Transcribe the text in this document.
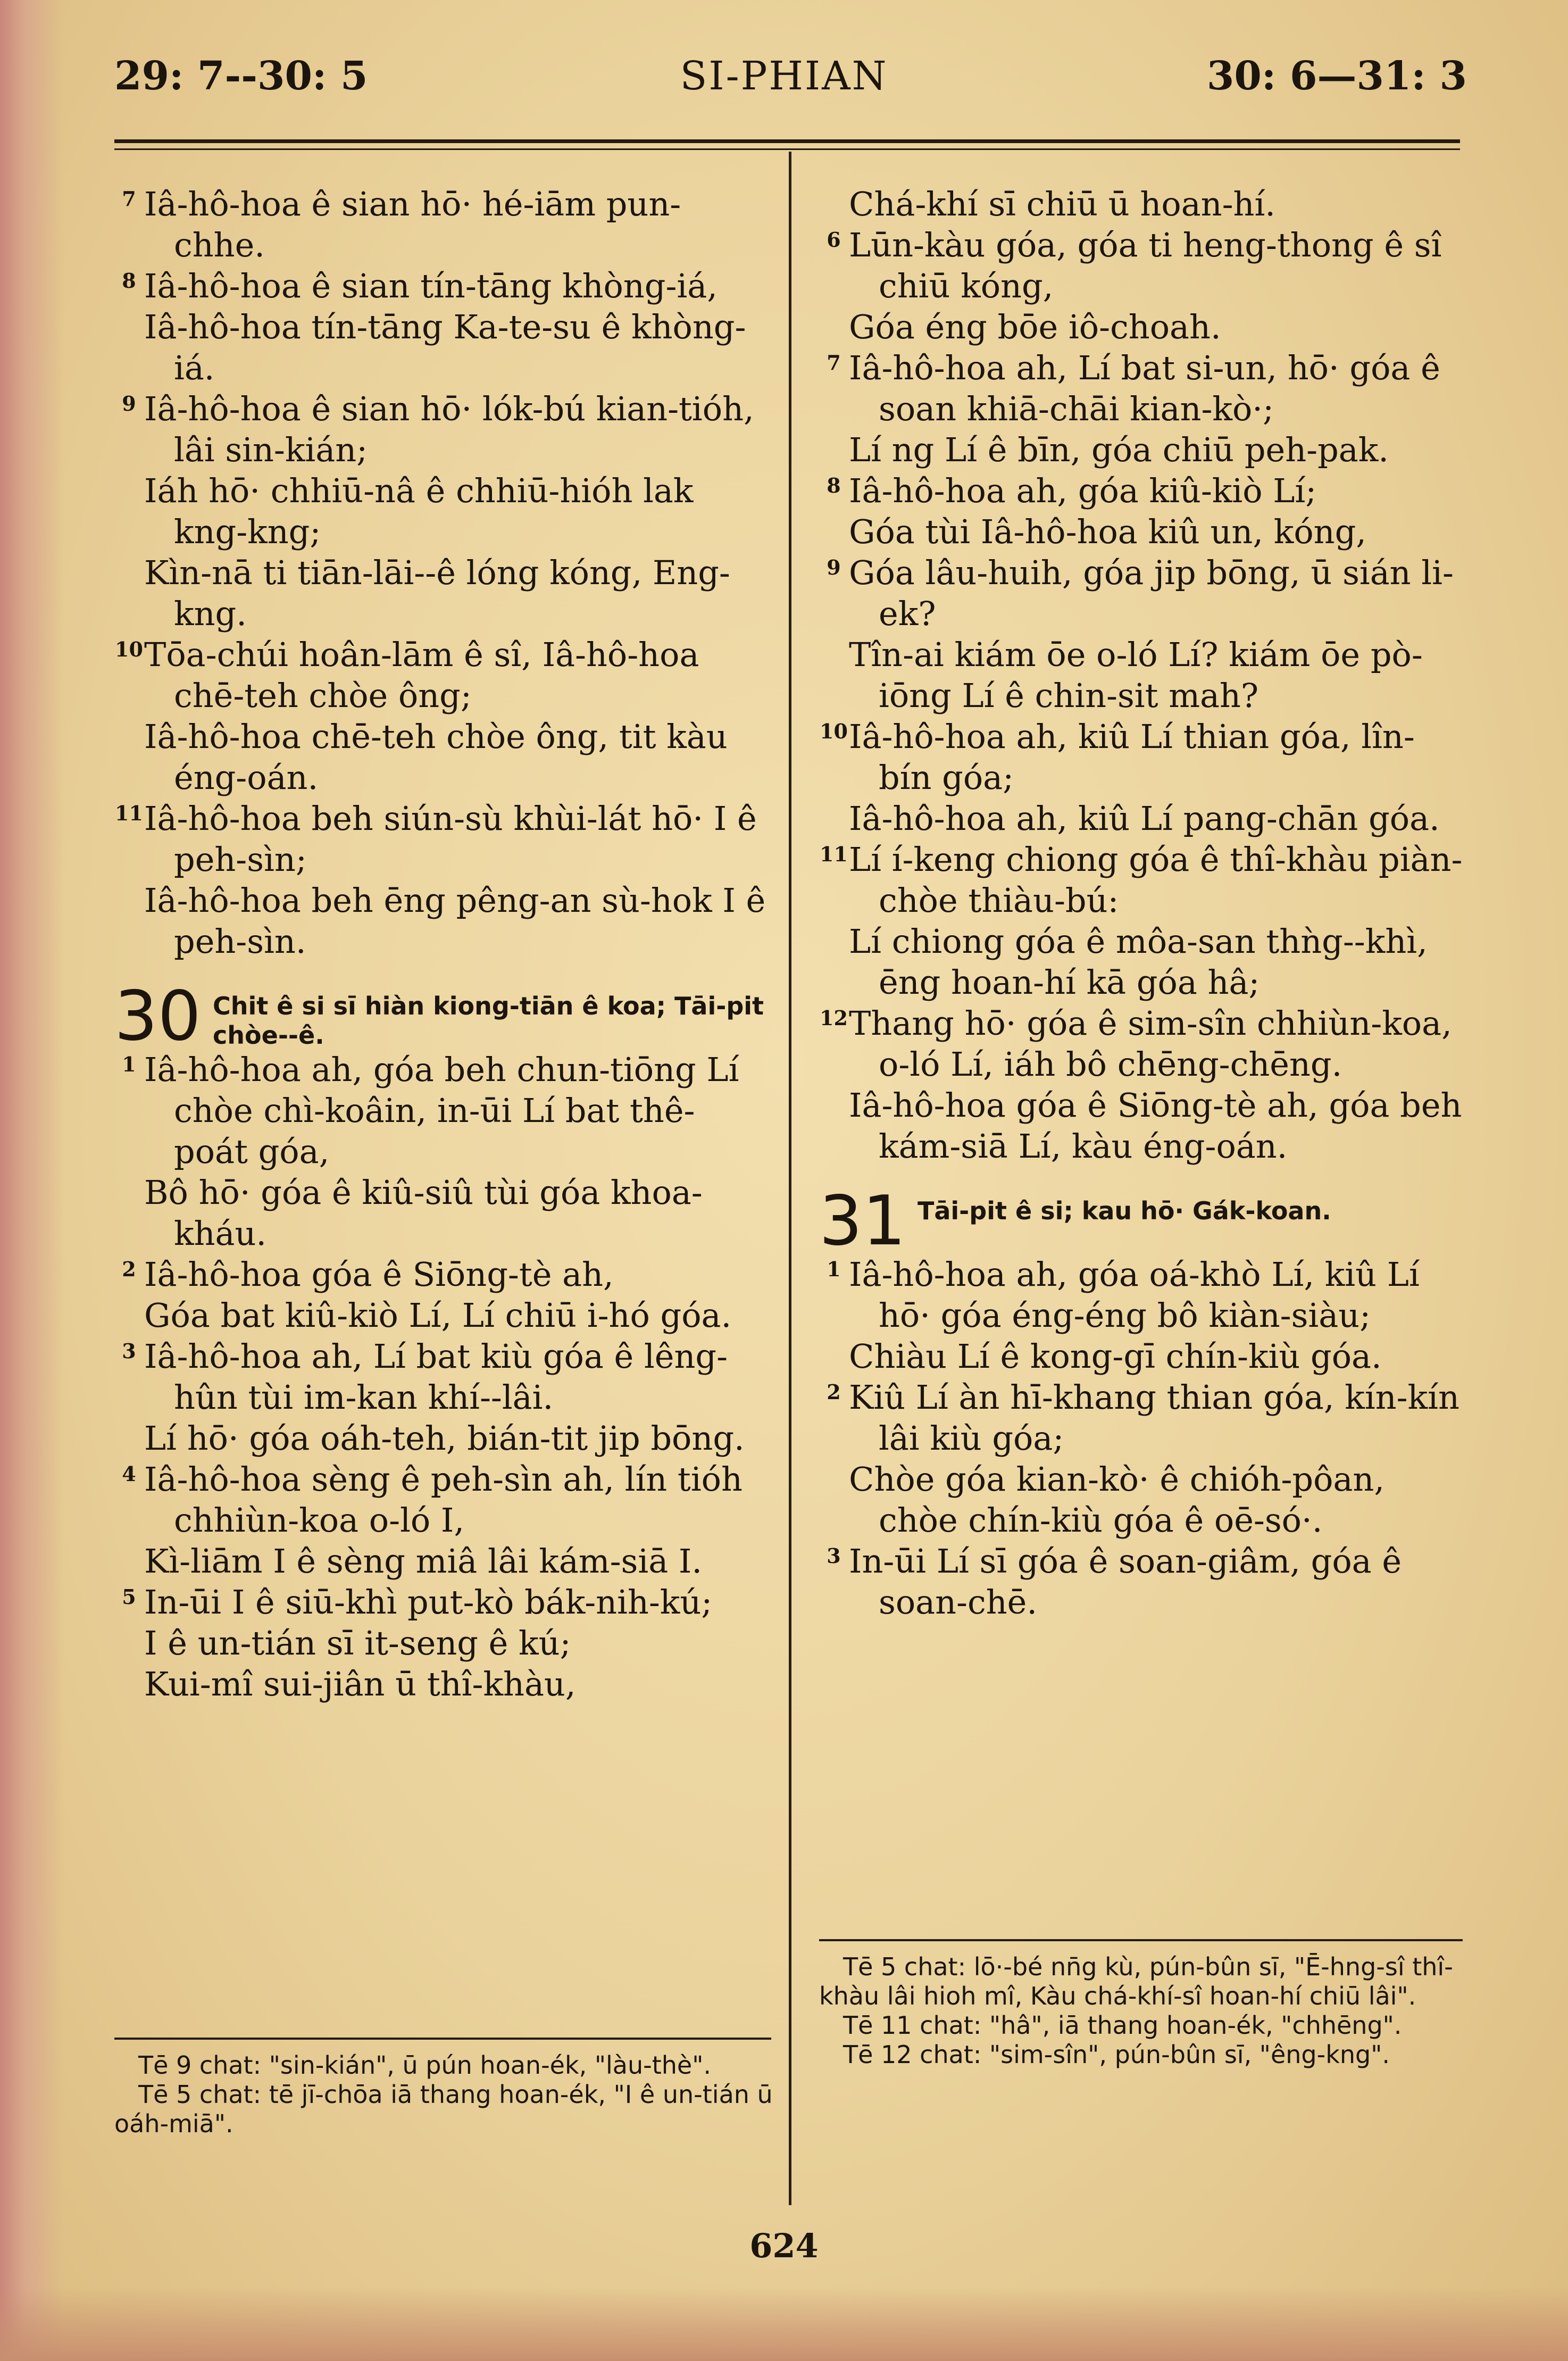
SI-PHIAN
29: 7--30: 5	30: 6—31: 3
7 Iâ-hô-hoa ê sian hō· hé-iām pun-chhe.
8 Iâ-hô-hoa ê sian tín-tāng khòng-iá,
Iâ-hô-hoa tín-tāng Ka-te-su ê khòng-iá.
9 Iâ-hô-hoa ê sian hō· lók-bú kian-tióh, lâi sin-kián;
Iáh hō· chhiū-nâ ê chhiū-hióh lak kng-kng;
Kìn-nā ti tiān-lāi--ê lóng kóng, Eng-kng.
10 Tōa-chúi hoân-lām ê sî, Iâ-hô-hoa chē-teh chòe ông;
Iâ-hô-hoa chē-teh chòe ông, tit kàu éng-oán.
11 Iâ-hô-hoa beh siún-sù khùi-lát hō· I ê peh-sìn;
Iâ-hô-hoa beh ēng pêng-an sù-hok I ê peh-sìn.
30 Chit ê si sī hiàn kiong-tiān ê koa; Tāi-pit chòe--ê.
1 Iâ-hô-hoa ah, góa beh chun-tiōng Lí chòe chì-koâin, in-ūi Lí bat thê-poát góa,
Bô hō· góa ê kiû-siû tùi góa khoa-kháu.
2 Iâ-hô-hoa góa ê Siōng-tè ah,
Góa bat kiû-kiò Lí, Lí chiū i-hó góa.
3 Iâ-hô-hoa ah, Lí bat kiù góa ê lêng-hûn tùi im-kan khí--lâi.
Lí hō· góa oáh-teh, bián-tit jip bōng.
4 Iâ-hô-hoa sèng ê peh-sìn ah, lín tióh chhiùn-koa o-ló I,
Kì-liām I ê sèng miâ lâi kám-siā I.
5 In-ūi I ê siū-khì put-kò bák-nih-kú;
I ê un-tián sī it-seng ê kú;
Kui-mî sui-jiân ū thî-khàu,

Tē 9 chat: "sin-kián", ū pún hoan-ék, "làu-thè".

Tē 5 chat: tē jī-chōa iā thang hoan-ék, "I ê un-tián ū oáh-miā".

Chá-khí sī chiū ū hoan-hí.
6 Lūn-kàu góa, góa ti heng-thong ê sî chiū kóng,
Góa éng bōe iô-choah.
7 Iâ-hô-hoa ah, Lí bat si-un, hō· góa ê soan khiā-chāi kian-kò·;
Lí ng Lí ê bīn, góa chiū peh-pak.
8 Iâ-hô-hoa ah, góa kiû-kiò Lí;
Góa tùi Iâ-hô-hoa kiû un, kóng,
9 Góa lâu-huih, góa jip bōng, ū sián li-ek?
Tîn-ai kiám ōe o-ló Lí? kiám ōe pò-iōng Lí ê chin-sit mah?
10 Iâ-hô-hoa ah, kiû Lí thian góa, lîn-bín góa;
Iâ-hô-hoa ah, kiû Lí pang-chān góa.
11 Lí í-keng chiong góa ê thî-khàu piàn-chòe thiàu-bú:
Lí chiong góa ê môa-san thǹg--khì, ēng hoan-hí kā góa hâ;
12 Thang hō· góa ê sim-sîn chhiùn-koa, o-ló Lí, iáh bô chēng-chēng.
Iâ-hô-hoa góa ê Siōng-tè ah, góa beh kám-siā Lí, kàu éng-oán.
31 Tāi-pit ê si; kau hō· Gák-koan.
1 Iâ-hô-hoa ah, góa oá-khò Lí, kiû Lí hō· góa éng-éng bô kiàn-siàu;
Chiàu Lí ê kong-gī chín-kiù góa.
2 Kiû Lí àn hī-khang thian góa, kín-kín lâi kiù góa;
Chòe góa kian-kò· ê chióh-pôan, chòe chín-kiù góa ê oē-só·.
3 In-ūi Lí sī góa ê soan-giâm, góa ê soan-chē.

Tē 5 chat: lō·-bé nn̄g kù, pún-bûn sī, "Ē-hng-sî thî-khàu lâi hioh mî, Kàu chá-khí-sî hoan-hí chiū lâi".

Tē 11 chat: "hâ", iā thang hoan-ék, "chhēng".

Tē 12 chat: "sim-sîn", pún-bûn sī, "êng-kng".

624
